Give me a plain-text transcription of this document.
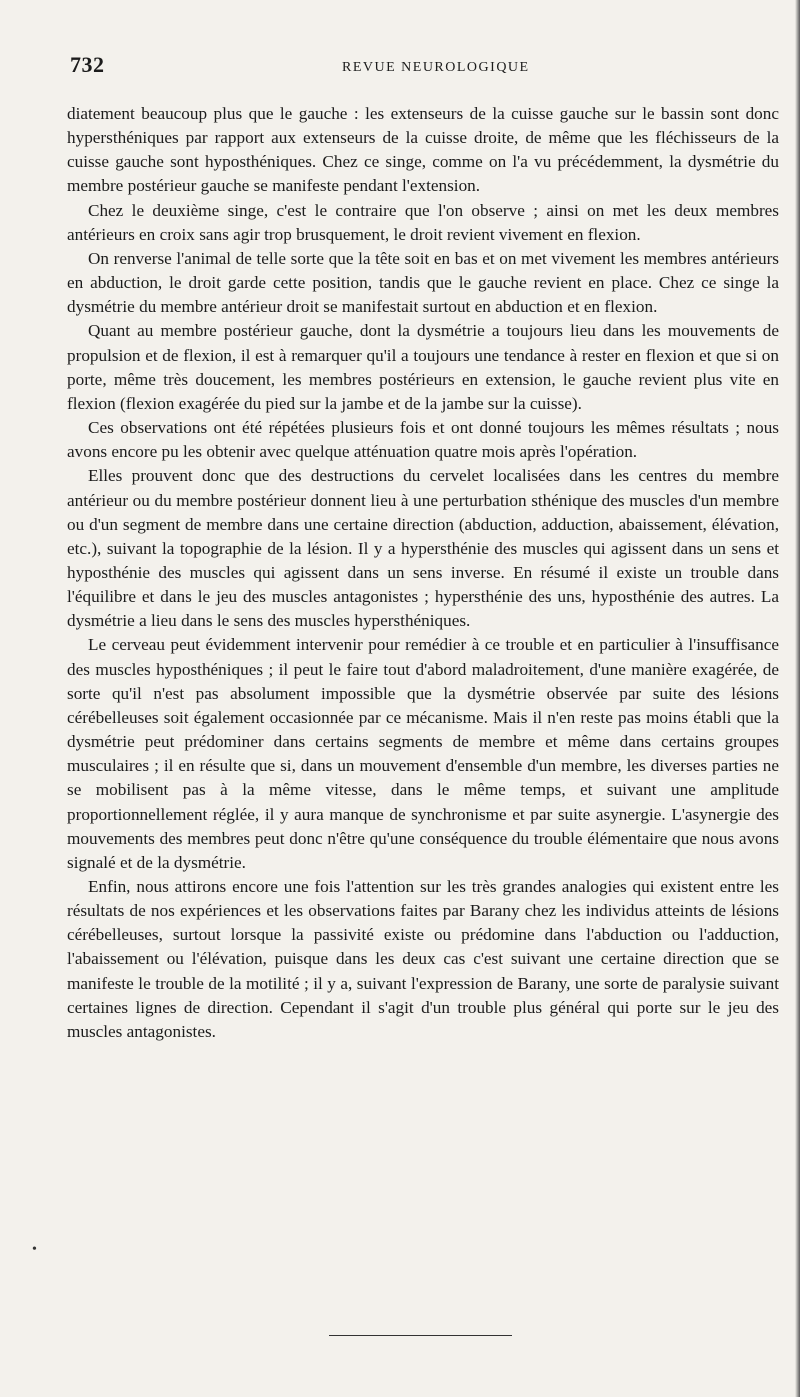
732	REVUE NEUROLOGIQUE

diatement beaucoup plus que le gauche : les extenseurs de la cuisse gauche sur le bassin sont donc hypersthéniques par rapport aux extenseurs de la cuisse droite, de même que les fléchisseurs de la cuisse gauche sont hyposthéniques. Chez ce singe, comme on l'a vu précédemment, la dysmétrie du membre postérieur gauche se manifeste pendant l'extension.

Chez le deuxième singe, c'est le contraire que l'on observe ; ainsi on met les deux membres antérieurs en croix sans agir trop brusquement, le droit revient vivement en flexion.

On renverse l'animal de telle sorte que la tête soit en bas et on met vivement les membres antérieurs en abduction, le droit garde cette position, tandis que le gauche revient en place. Chez ce singe la dysmétrie du membre antérieur droit se manifestait surtout en abduction et en flexion.

Quant au membre postérieur gauche, dont la dysmétrie a toujours lieu dans les mouvements de propulsion et de flexion, il est à remarquer qu'il a toujours une tendance à rester en flexion et que si on porte, même très doucement, les membres postérieurs en extension, le gauche revient plus vite en flexion (flexion exagérée du pied sur la jambe et de la jambe sur la cuisse).

Ces observations ont été répétées plusieurs fois et ont donné toujours les mêmes résultats ; nous avons encore pu les obtenir avec quelque atténuation quatre mois après l'opération.

Elles prouvent donc que des destructions du cervelet localisées dans les centres du membre antérieur ou du membre postérieur donnent lieu à une perturbation sthénique des muscles d'un membre ou d'un segment de membre dans une certaine direction (abduction, adduction, abaissement, élévation, etc.), suivant la topographie de la lésion. Il y a hypersthénie des muscles qui agissent dans un sens et hyposthénie des muscles qui agissent dans un sens inverse. En résumé il existe un trouble dans l'équilibre et dans le jeu des muscles antagonistes ; hypersthénie des uns, hyposthénie des autres. La dysmétrie a lieu dans le sens des muscles hypersthéniques.

Le cerveau peut évidemment intervenir pour remédier à ce trouble et en particulier à l'insuffisance des muscles hyposthéniques ; il peut le faire tout d'abord maladroitement, d'une manière exagérée, de sorte qu'il n'est pas absolument impossible que la dysmétrie observée par suite des lésions cérébelleuses soit également occasionnée par ce mécanisme. Mais il n'en reste pas moins établi que la dysmétrie peut prédominer dans certains segments de membre et même dans certains groupes musculaires ; il en résulte que si, dans un mouvement d'ensemble d'un membre, les diverses parties ne se mobilisent pas à la même vitesse, dans le même temps, et suivant une amplitude proportionnellement réglée, il y aura manque de synchronisme et par suite asynergie. L'asynergie des mouvements des membres peut donc n'être qu'une conséquence du trouble élémentaire que nous avons signalé et de la dysmétrie.

Enfin, nous attirons encore une fois l'attention sur les très grandes analogies qui existent entre les résultats de nos expériences et les observations faites par Barany chez les individus atteints de lésions cérébelleuses, surtout lorsque la passivité existe ou prédomine dans l'abduction ou l'adduction, l'abaissement ou l'élévation, puisque dans les deux cas c'est suivant une certaine direction que se manifeste le trouble de la motilité ; il y a, suivant l'expression de Barany, une sorte de paralysie suivant certaines lignes de direction. Cependant il s'agit d'un trouble plus général qui porte sur le jeu des muscles antagonistes.

•
